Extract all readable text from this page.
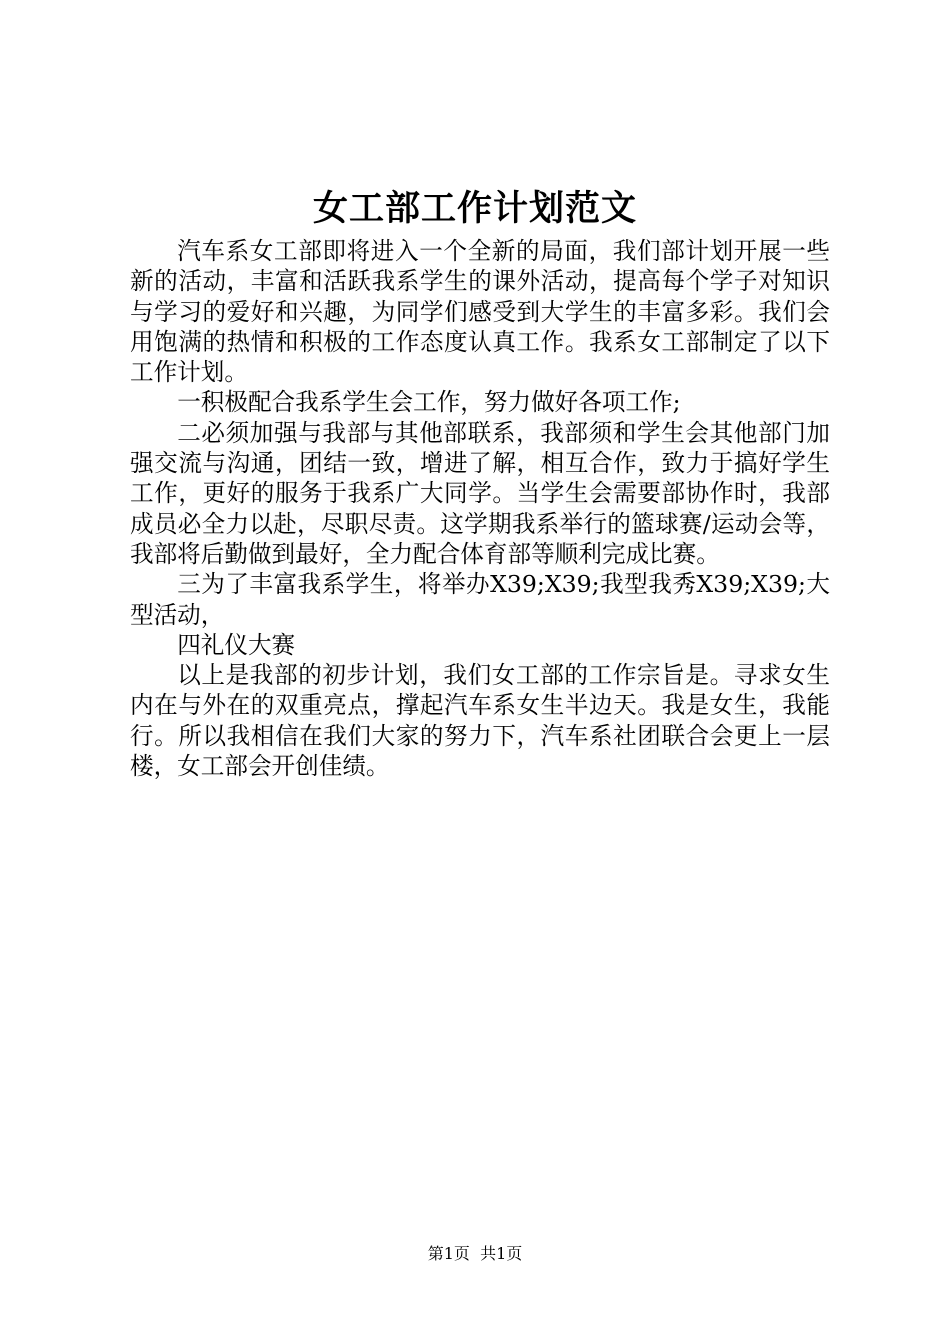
女工部工作计划范文

汽车系女工部即将进入一个全新的局面，我们部计划开展一些新的活动，丰富和活跃我系学生的课外活动，提高每个学子对知识与学习的爱好和兴趣，为同学们感受到大学生的丰富多彩。我们会用饱满的热情和积极的工作态度认真工作。我系女工部制定了以下工作计划。

一积极配合我系学生会工作，努力做好各项工作;

二必须加强与我部与其他部联系，我部须和学生会其他部门加强交流与沟通，团结一致，增进了解，相互合作，致力于搞好学生工作，更好的服务于我系广大同学。当学生会需要部协作时，我部成员必全力以赴，尽职尽责。这学期我系举行的篮球赛/运动会等，我部将后勤做到最好，全力配合体育部等顺利完成比赛。

三为了丰富我系学生，将举办X39;X39;我型我秀X39;X39;大型活动，

四礼仪大赛

以上是我部的初步计划，我们女工部的工作宗旨是。寻求女生内在与外在的双重亮点，撑起汽车系女生半边天。我是女生，我能行。所以我相信在我们大家的努力下，汽车系社团联合会更上一层楼，女工部会开创佳绩。

第1页  共1页
